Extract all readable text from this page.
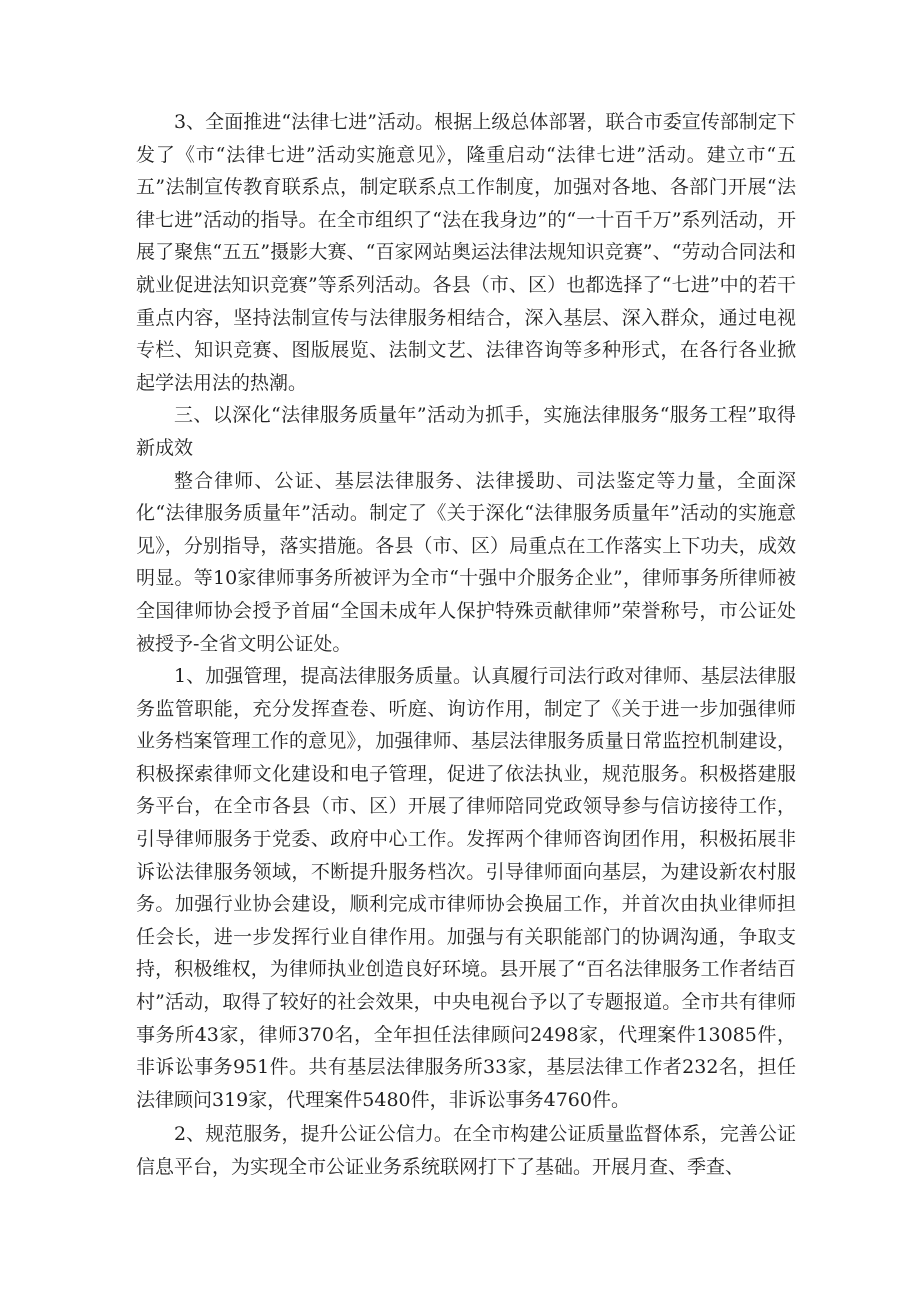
3、全面推进“法律七进”活动。根据上级总体部署，联合市委宣传部制定下发了《市“法律七进”活动实施意见》，隆重启动“法律七进”活动。建立市“五五”法制宣传教育联系点，制定联系点工作制度，加强对各地、各部门开展“法律七进”活动的指导。在全市组织了“法在我身边”的“一十百千万”系列活动，开展了聚焦“五五”摄影大赛、“百家网站奥运法律法规知识竞赛”、“劳动合同法和就业促进法知识竞赛”等系列活动。各县（市、区）也都选择了“七进”中的若干重点内容，坚持法制宣传与法律服务相结合，深入基层、深入群众，通过电视专栏、知识竞赛、图版展览、法制文艺、法律咨询等多种形式，在各行各业掀起学法用法的热潮。

三、以深化“法律服务质量年”活动为抓手，实施法律服务“服务工程”取得新成效

整合律师、公证、基层法律服务、法律援助、司法鉴定等力量，全面深化“法律服务质量年”活动。制定了《关于深化“法律服务质量年”活动的实施意见》，分别指导，落实措施。各县（市、区）局重点在工作落实上下功夫，成效明显。等10家律师事务所被评为全市“十强中介服务企业”，律师事务所律师被全国律师协会授予首届“全国未成年人保护特殊贡献律师”荣誉称号，市公证处被授予-全省文明公证处。

1、加强管理，提高法律服务质量。认真履行司法行政对律师、基层法律服务监管职能，充分发挥查卷、听庭、询访作用，制定了《关于进一步加强律师业务档案管理工作的意见》，加强律师、基层法律服务质量日常监控机制建设，积极探索律师文化建设和电子管理，促进了依法执业，规范服务。积极搭建服务平台，在全市各县（市、区）开展了律师陪同党政领导参与信访接待工作，引导律师服务于党委、政府中心工作。发挥两个律师咨询团作用，积极拓展非诉讼法律服务领域，不断提升服务档次。引导律师面向基层，为建设新农村服务。加强行业协会建设，顺利完成市律师协会换届工作，并首次由执业律师担任会长，进一步发挥行业自律作用。加强与有关职能部门的协调沟通，争取支持，积极维权，为律师执业创造良好环境。县开展了“百名法律服务工作者结百村”活动，取得了较好的社会效果，中央电视台予以了专题报道。全市共有律师事务所43家，律师370名，全年担任法律顾问2498家，代理案件13085件，非诉讼事务951件。共有基层法律服务所33家，基层法律工作者232名，担任法律顾问319家，代理案件5480件，非诉讼事务4760件。

2、规范服务，提升公证公信力。在全市构建公证质量监督体系，完善公证信息平台，为实现全市公证业务系统联网打下了基础。开展月查、季查、
